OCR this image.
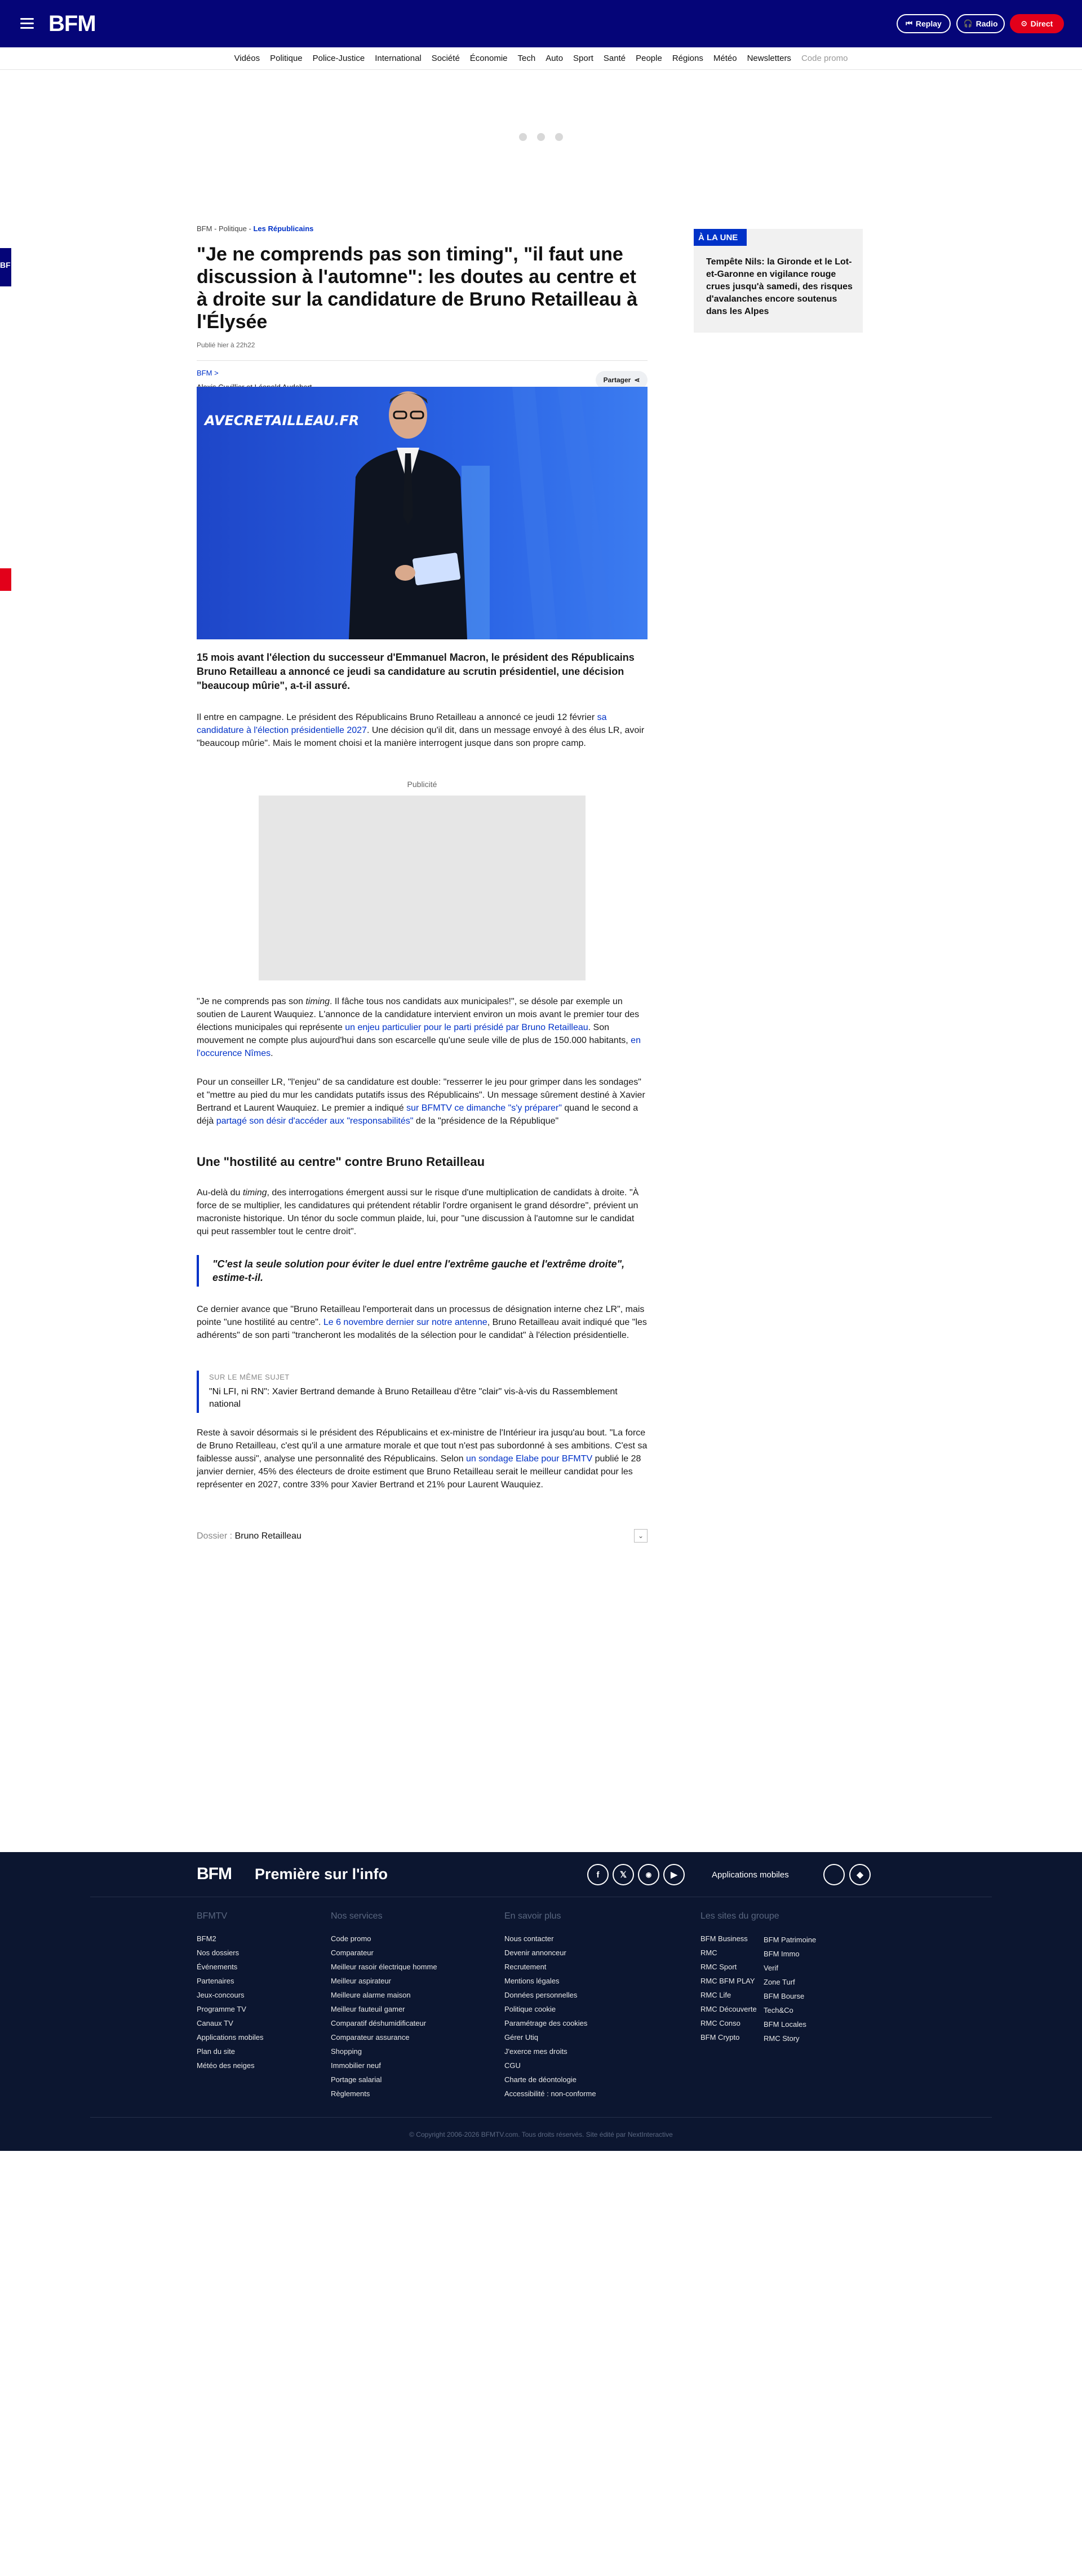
BFM	⏮ Replay	🎧 Radio	⊙ Direct
Vidéos Politique Police-Justice International Société Économie Tech Auto Sport Santé People Régions Météo Newsletters Code promo
BF
BFM - Politique - Les Républicains
"Je ne comprends pas son timing", "il faut une discussion à l'automne": les doutes au centre et à droite sur la candidature de Bruno Retailleau à l'Élysée
Publié hier à 22h22
BFM >
Partager ⋖
AVECRETAILLEAU.FR

15 mois avant l'élection du successeur d'Emmanuel Macron, le président des Républicains Bruno Retailleau a annoncé ce jeudi sa candidature au scrutin présidentiel, une décision "beaucoup mûrie", a-t-il assuré.

Il entre en campagne. Le président des Républicains Bruno Retailleau a annoncé ce jeudi 12 février sa candidature à l'élection présidentielle 2027. Une décision qu'il dit, dans un message envoyé à des élus LR, avoir "beaucoup mûrie". Mais le moment choisi et la manière interrogent jusque dans son propre camp.

Publicité

"Je ne comprends pas son timing. Il fâche tous nos candidats aux municipales!", se désole par exemple un soutien de Laurent Wauquiez. L'annonce de la candidature intervient environ un mois avant le premier tour des élections municipales qui représente un enjeu particulier pour le parti présidé par Bruno Retailleau. Son mouvement ne compte plus aujourd'hui dans son escarcelle qu'une seule ville de plus de 150.000 habitants, en l'occurence Nîmes.

Pour un conseiller LR, "l'enjeu" de sa candidature est double: "resserrer le jeu pour grimper dans les sondages" et "mettre au pied du mur les candidats putatifs issus des Républicains". Un message sûrement destiné à Xavier Bertrand et Laurent Wauquiez. Le premier a indiqué sur BFMTV ce dimanche "s'y préparer" quand le second a déjà partagé son désir d'accéder aux "responsabilités" de la "présidence de la République"

Une "hostilité au centre" contre Bruno Retailleau

Au-delà du timing, des interrogations émergent aussi sur le risque d'une multiplication de candidats à droite. "À force de se multiplier, les candidatures qui prétendent rétablir l'ordre organisent le grand désordre", prévient un macroniste historique. Un ténor du socle commun plaide, lui, pour "une discussion à l'automne sur le candidat qui peut rassembler tout le centre droit".

"C'est la seule solution pour éviter le duel entre l'extrême gauche et l'extrême droite", estime-t-il.

Ce dernier avance que "Bruno Retailleau l'emporterait dans un processus de désignation interne chez LR", mais pointe "une hostilité au centre". Le 6 novembre dernier sur notre antenne, Bruno Retailleau avait indiqué que "les adhérents" de son parti "trancheront les modalités de la sélection pour le candidat" à l'élection présidentielle.

SUR LE MÊME SUJET
"Ni LFI, ni RN": Xavier Bertrand demande à Bruno Retailleau d'être "clair" vis-à-vis du Rassemblement national

Reste à savoir désormais si le président des Républicains et ex-ministre de l'Intérieur ira jusqu'au bout. "La force de Bruno Retailleau, c'est qu'il a une armature morale et que tout n'est pas subordonné à ses ambitions. C'est sa faiblesse aussi", analyse une personnalité des Républicains. Selon un sondage Elabe pour BFMTV publié le 28 janvier dernier, 45% des électeurs de droite estiment que Bruno Retailleau serait le meilleur candidat pour les représenter en 2027, contre 33% pour Xavier Bertrand et 21% pour Laurent Wauquiez.

Dossier : Bruno Retailleau	⌄
À LA UNE
Tempête Nils: la Gironde et le Lot-et-Garonne en vigilance rouge crues jusqu'à samedi, des risques d'avalanches encore soutenus dans les Alpes
BFM Première sur l'info	f	𝕏	◉	▶	Applications mobiles	◆
BFMTV
BFM2
Nos dossiers
Événements
Partenaires
Jeux-concours
Programme TV
Canaux TV
Applications mobiles
Plan du site
Météo des neiges
Nos services
Code promo
Comparateur
Meilleur rasoir électrique homme
Meilleur aspirateur
Meilleure alarme maison
Meilleur fauteuil gamer
Comparatif déshumidificateur
Comparateur assurance
Shopping
Immobilier neuf
Portage salarial
Règlements
En savoir plus
Nous contacter
Devenir annonceur
Recrutement
Mentions légales
Données personnelles
Politique cookie
Paramétrage des cookies
Gérer Utiq
J'exerce mes droits
CGU
Charte de déontologie
Accessibilité : non-conforme
Les sites du groupe
BFM Business
RMC
RMC Sport
RMC BFM PLAY
RMC Life
RMC Découverte
RMC Conso
BFM Crypto
BFM Patrimoine
BFM Immo
Verif
Zone Turf
BFM Bourse
Tech&Co
BFM Locales
RMC Story
© Copyright 2006-2026 BFMTV.com. Tous droits réservés. Site édité par NextInteractive
